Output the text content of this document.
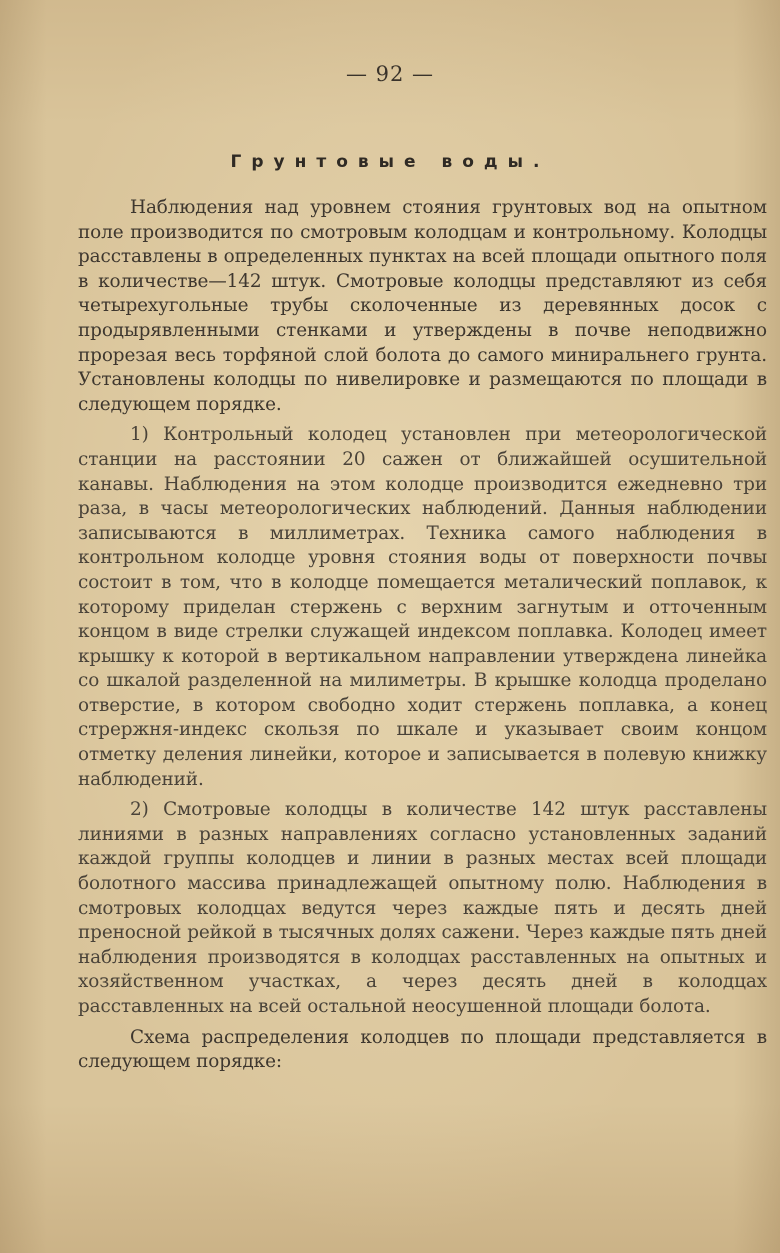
— 92 —
Грунтовые воды.

Наблюдения над уровнем стояния грунтовых вод на опытном поле производится по смотровым колодцам и контрольному. Колодцы расставлены в определенных пунктах на всей площади опытного поля в количестве—142 штук. Смотровые колодцы представляют из себя четырехугольные трубы сколоченные из деревянных досок с продырявленными стенками и утверждены в почве неподвижно прорезая весь торфяной слой болота до самого миниральнего грунта. Установлены колодцы по нивелировке и размещаются по площади в следующем порядке.

1) Контрольный колодец установлен при метеорологической станции на расстоянии 20 сажен от ближайшей осушительной канавы. Наблюдения на этом колодце производится ежедневно три раза, в часы метеорологических наблюдений. Данныя наблюдении записываются в миллиметрах. Техника самого наблюдения в контрольном колодце уровня стояния воды от поверхности почвы состоит в том, что в колодце помещается металический поплавок, к которому приделан стержень с верхним загнутым и отточенным концом в виде стрелки служащей индексом поплавка. Колодец имеет крышку к которой в вертикальном направлении утверждена линейка со шкалой разделенной на милиметры. В крышке колодца проделано отверстие, в котором свободно ходит стержень поплавка, а конец стрержня-индекс скользя по шкале и указывает своим концом отметку деления линейки, которое и записывается в полевую книжку наблюдений.

2) Смотровые колодцы в количестве 142 штук расставлены линиями в разных направлениях согласно установленных заданий каждой группы колодцев и линии в разных местах всей площади болотного массива принадлежащей опытному полю. Наблюдения в смотровых колодцах ведутся через каждые пять и десять дней преносной рейкой в тысячных долях сажени. Через каждые пять дней наблюдения производятся в колодцах расставленных на опытных и хозяйственном участках, а через десять дней в колодцах расставленных на всей остальной неосушенной площади болота.

Схема распределения колодцев по площади представляется в следующем порядке:
